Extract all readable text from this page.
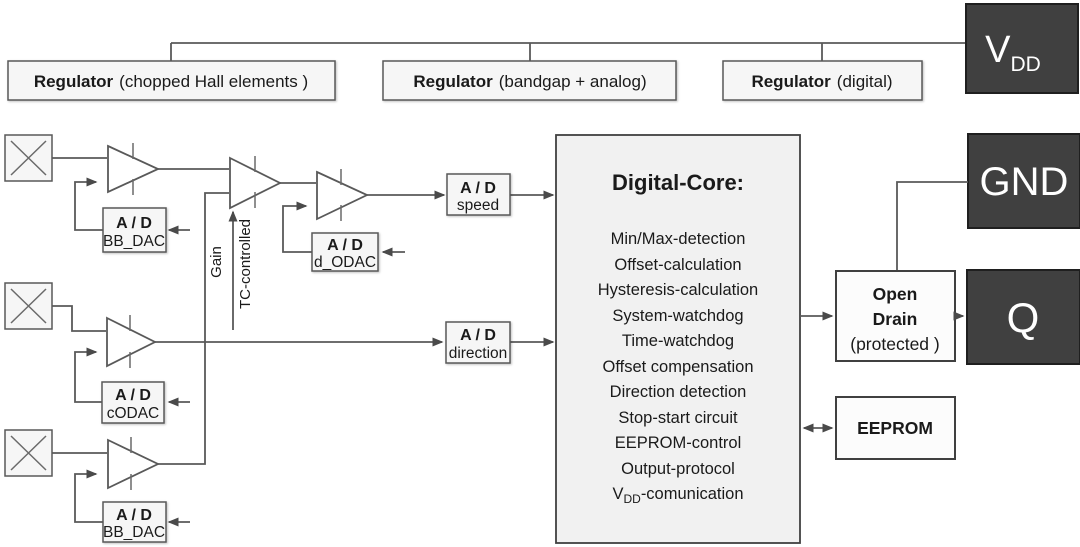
Regulator (chopped Hall elements )	Regulator (bandgap + analog)	Regulator (digital)
$V_{DD}$
GND
Q
Gain TC-controlled
A / D
BB_DAC	A / D
d_ODAC
A / D
cODAC
A / D
BB_DAC
A / D
speed
A / D
direction
Digital-Core:
Min/Max-detection
Offset-calculation
Hysteresis-calculation
System-watchdog
Time-watchdog
Offset compensation
Direction detection
Stop-start circuit
EEPROM-control
Output-protocol
$V_{DD}$-comunication
Open
Drain
(protected )
EEPROM
